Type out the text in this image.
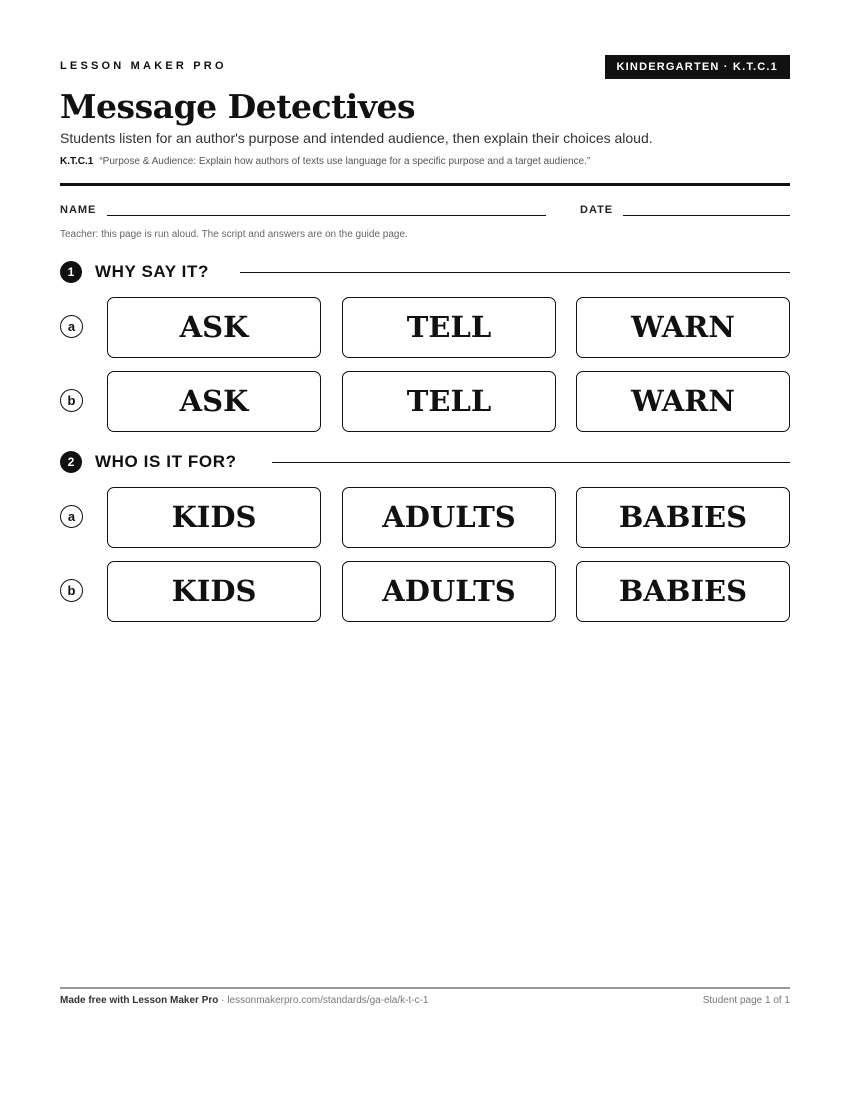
LESSON MAKER PRO	KINDERGARTEN · K.T.C.1
Message Detectives
Students listen for an author's purpose and intended audience, then explain their choices aloud.
K.T.C.1 “Purpose & Audience: Explain how authors of texts use language for a specific purpose and a target audience.”
NAME	DATE
Teacher: this page is run aloud. The script and answers are on the guide page.
1	WHY SAY IT?
a	ASK	TELL	WARN
b	ASK	TELL	WARN
2	WHO IS IT FOR?
a	KIDS	ADULTS	BABIES
b	KIDS	ADULTS	BABIES
Made free with Lesson Maker Pro · lessonmakerpro.com/standards/ga-ela/k-t-c-1	Student page 1 of 1
